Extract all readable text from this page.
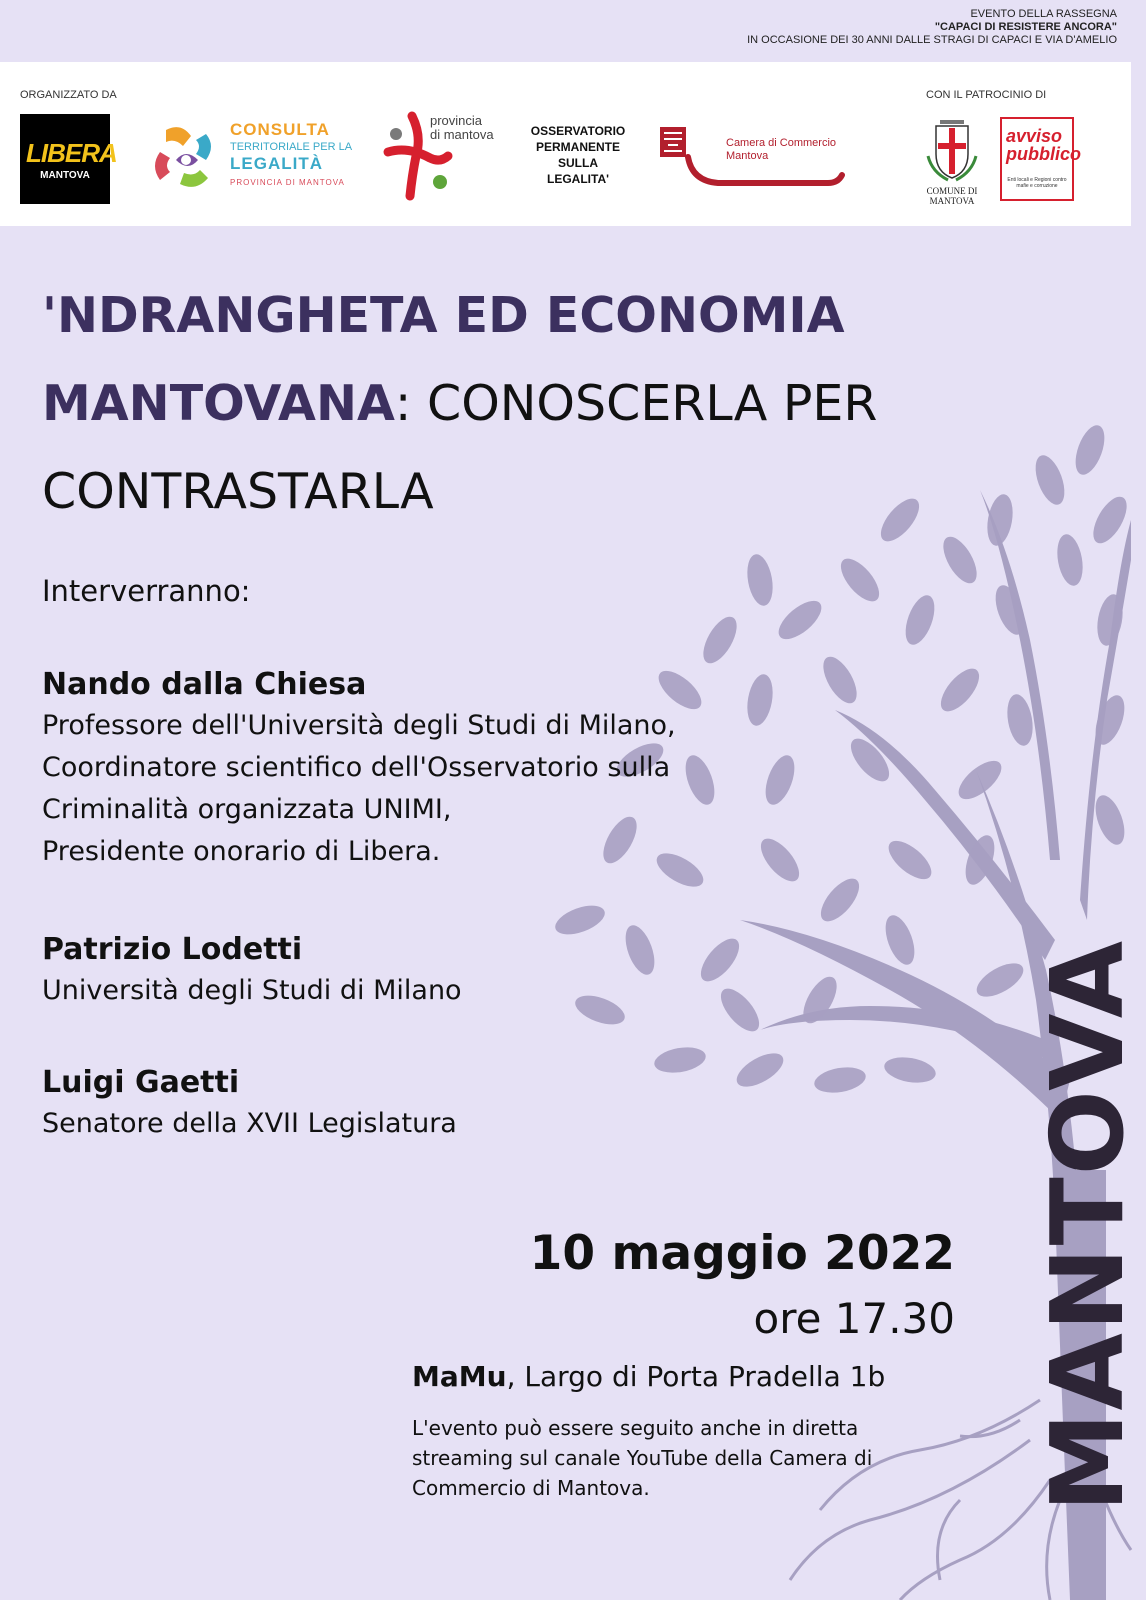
EVENTO DELLA RASSEGNA
"CAPACI DI RESISTERE ANCORA"
IN OCCASIONE DEI 30 ANNI DALLE STRAGI DI CAPACI E VIA D'AMELIO
ORGANIZZATO DA	CON IL PATROCINIO DI
LIBERA
MANTOVA
CONSULTA
TERRITORIALE PER LA
LEGALITÀ
PROVINCIA DI MANTOVA
provincia
di mantova	OSSERVATORIO
PERMANENTE
SULLA
LEGALITA'
Camera di Commercio
Mantova
COMUNE DI
MANTOVA
avviso
pubblico
Enti locali e Regioni contro mafie e corruzione
'NDRANGHETA ED ECONOMIA MANTOVANA: CONOSCERLA PER CONTRASTARLA
Interverranno:

Nando dalla Chiesa

Professore dell'Università degli Studi di Milano,

Coordinatore scientifico dell'Osservatorio sulla

Criminalità organizzata UNIMI,

Presidente onorario di Libera.

Patrizio Lodetti

Università degli Studi di Milano

Luigi Gaetti

Senatore della XVII Legislatura

10 maggio 2022
ore 17.30
MaMu, Largo di Porta Pradella 1b
L'evento può essere seguito anche in diretta streaming sul canale YouTube della Camera di Commercio di Mantova.	MANTOVA
